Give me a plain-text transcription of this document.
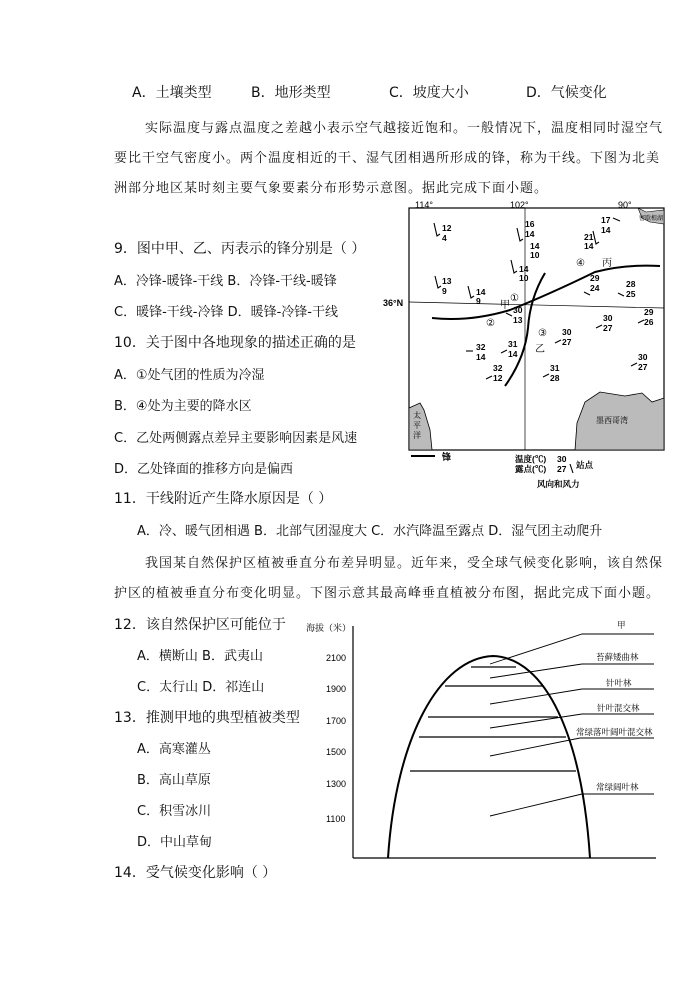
A．土壤类型	B．地形类型	C．坡度大小	D．气候变化
实际温度与露点温度之差越小表示空气越接近饱和。一般情况下，温度相同时湿空气
要比干空气密度小。两个温度相近的干、湿气团相遇所形成的锋，称为干线。下图为北美
洲部分地区某时刻主要气象要素分布形势示意图。据此完成下面小题。
9．图中甲、乙、丙表示的锋分别是（ ）
A．冷锋-暖锋-干线 B．冷锋-干线-暖锋
C．暖锋-干线-冷锋 D．暖锋-冷锋-干线
10．关于图中各地现象的描述正确的是
A．①处气团的性质为冷湿
B．④处为主要的降水区
C．乙处两侧露点差异主要影响因素是风速
D．乙处锋面的推移方向是偏西
太
平
洋
墨西哥湾
密歇根湖
114°	102°	90°
36°N	甲
乙
丙
①
②
③
④
12
4
16
14
14
10
17
14
21
14
14
10
13
9	14
9
29
24	28
25
30
13	30
27
29
26
30
27
32
14
31
14
32
12
31
28
30
27
锋	温度(℃)
露点(℃)
30
27 站点
风向和风力
11．干线附近产生降水原因是（ ）
A．冷、暖气团相遇 B．北部气团湿度大 C．水汽降温至露点 D．湿气团主动爬升
我国某自然保护区植被垂直分布差异明显。近年来，受全球气候变化影响，该自然保
护区的植被垂直分布变化明显。下图示意其最高峰垂直植被分布图，据此完成下面小题。
12．该自然保护区可能位于
A．横断山 B．武夷山
C．太行山 D．祁连山
13．推测甲地的典型植被类型
A．高寒灌丛
B．高山草原
C．积雪冰川
D．中山草甸
14．受气候变化影响（ ）
海拔（米）
2100
1900
1700
1500
1300
1100
甲
苔藓矮曲林
针叶林
针叶混交林
常绿落叶阔叶混交林
常绿阔叶林
